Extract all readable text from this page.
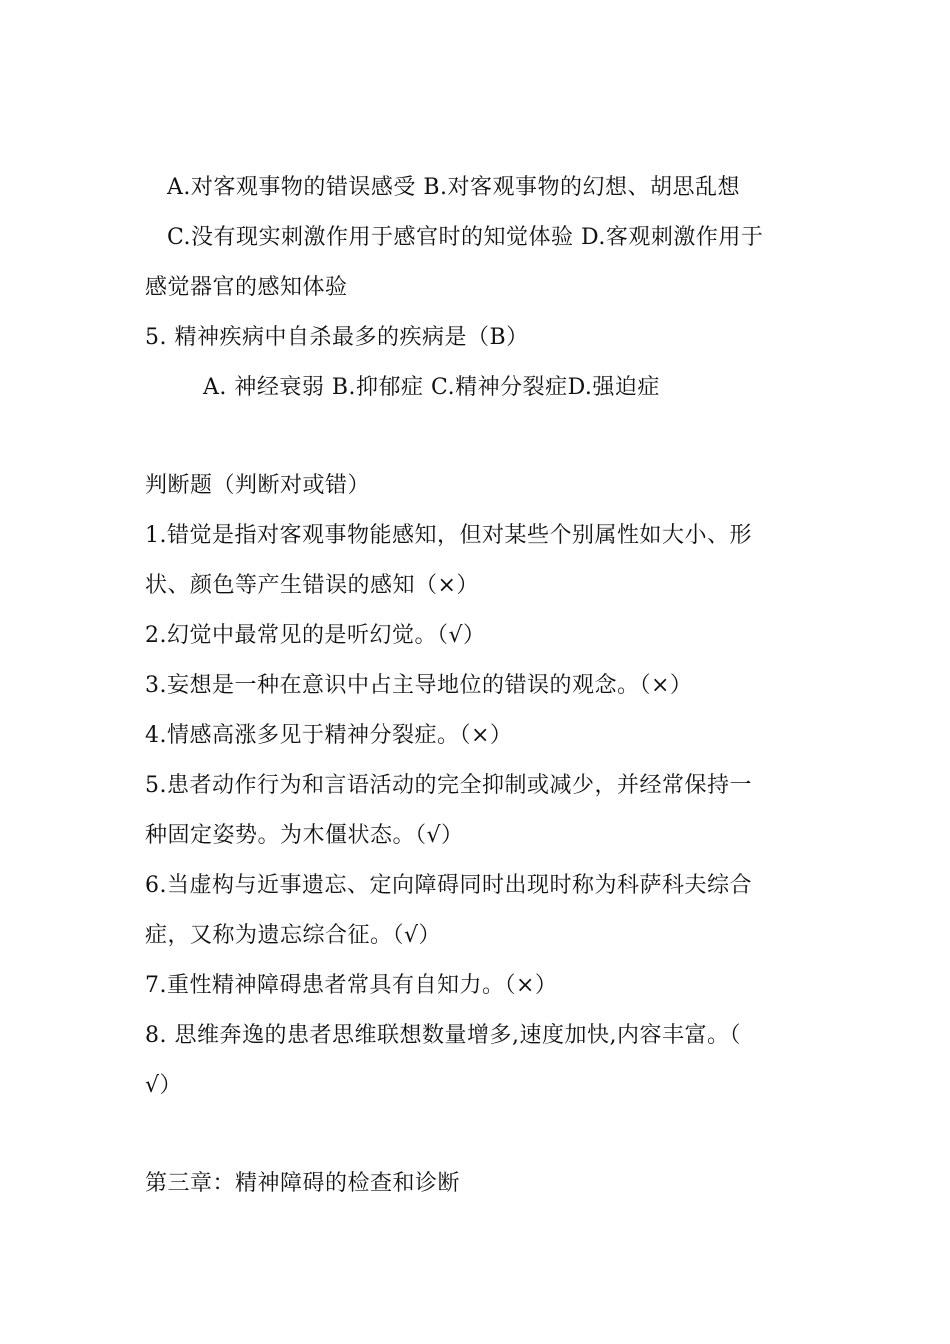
A.对客观事物的错误感受 B.对客观事物的幻想、胡思乱想
C.没有现实刺激作用于感官时的知觉体验 D.客观刺激作用于
感觉器官的感知体验
5. 精神疾病中自杀最多的疾病是（B）
A. 神经衰弱 B.抑郁症 C.精神分裂症D.强迫症
判断题（判断对或错）
1.错觉是指对客观事物能感知，但对某些个别属性如大小、形
状、颜色等产生错误的感知（×）
2.幻觉中最常见的是听幻觉。（√）
3.妄想是一种在意识中占主导地位的错误的观念。（×）
4.情感高涨多见于精神分裂症。（×）
5.患者动作行为和言语活动的完全抑制或减少，并经常保持一
种固定姿势。为木僵状态。（√）
6.当虚构与近事遗忘、定向障碍同时出现时称为科萨科夫综合
症，又称为遗忘综合征。（√）
7.重性精神障碍患者常具有自知力。（×）
8. 思维奔逸的患者思维联想数量增多,速度加快,内容丰富。（
√）
第三章：精神障碍的检查和诊断
